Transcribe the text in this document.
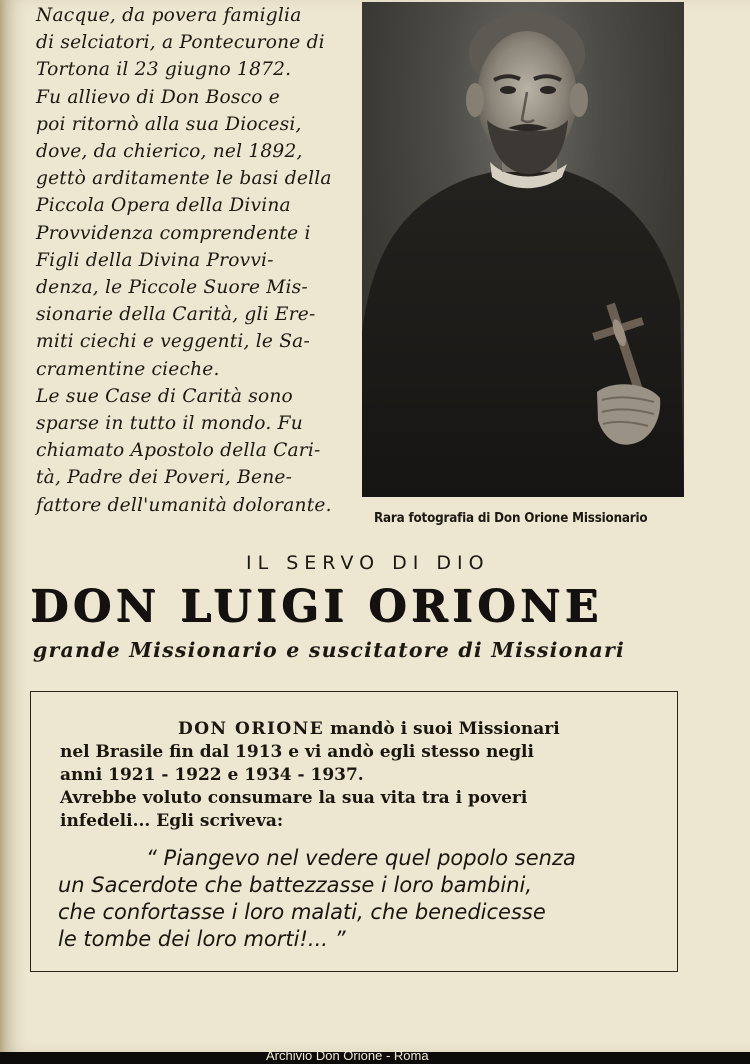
Nacque, da povera famiglia

di selciatori, a Pontecurone di

Tortona il 23 giugno 1872.

Fu allievo di Don Bosco e

poi ritornò alla sua Diocesi,

dove, da chierico, nel 1892,

gettò arditamente le basi della

Piccola Opera della Divina

Provvidenza comprendente i

Figli della Divina Provvi-

denza, le Piccole Suore Mis-

sionarie della Carità, gli Ere-

miti ciechi e veggenti, le Sa-

cramentine cieche.

Le sue Case di Carità sono

sparse in tutto il mondo. Fu

chiamato Apostolo della Cari-

tà, Padre dei Poveri, Bene-

fattore dell'umanità dolorante.

Rara fotografia di Don Orione Missionario
IL SERVO DI DIO
DON LUIGI ORIONE
grande Missionario e suscitatore di Missionari
DON ORIONE mandò i suoi Missionari
nel Brasile fin dal 1913 e vi andò egli stesso negli
anni 1921 - 1922 e 1934 - 1937.
Avrebbe voluto consumare la sua vita tra i poveri
infedeli... Egli scriveva:
“ Piangevo nel vedere quel popolo senza
un Sacerdote che battezzasse i loro bambini,
che confortasse i loro malati, che benedicesse
le tombe dei loro morti!... ”
Archivio Don Orione - Roma
